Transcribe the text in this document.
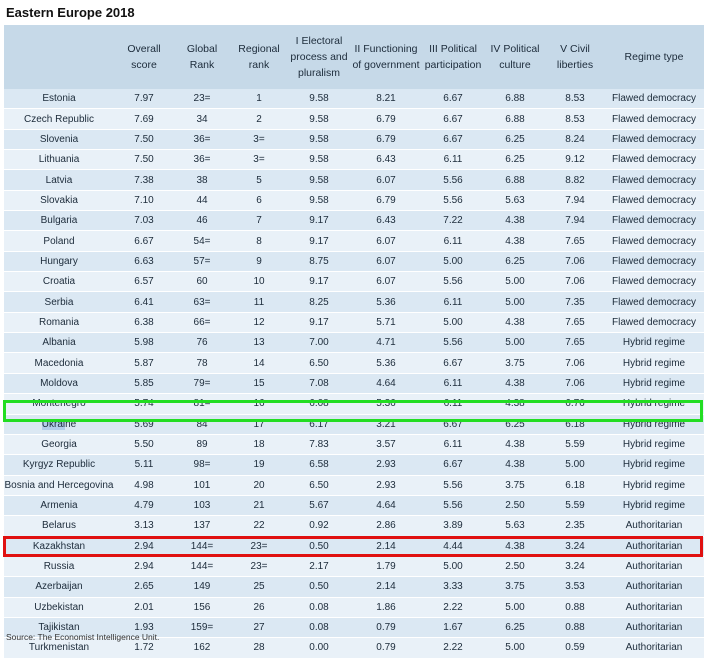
Eastern Europe 2018
	Overall score	Global Rank	Regional rank	I Electoral process and pluralism	II Functioning of government	III Political participation	IV Political culture	V Civil liberties	Regime type
Estonia	7.97	23=	1	9.58	8.21	6.67	6.88	8.53	Flawed democracy
Czech Republic	7.69	34	2	9.58	6.79	6.67	6.88	8.53	Flawed democracy
Slovenia	7.50	36=	3=	9.58	6.79	6.67	6.25	8.24	Flawed democracy
Lithuania	7.50	36=	3=	9.58	6.43	6.11	6.25	9.12	Flawed democracy
Latvia	7.38	38	5	9.58	6.07	5.56	6.88	8.82	Flawed democracy
Slovakia	7.10	44	6	9.58	6.79	5.56	5.63	7.94	Flawed democracy
Bulgaria	7.03	46	7	9.17	6.43	7.22	4.38	7.94	Flawed democracy
Poland	6.67	54=	8	9.17	6.07	6.11	4.38	7.65	Flawed democracy
Hungary	6.63	57=	9	8.75	6.07	5.00	6.25	7.06	Flawed democracy
Croatia	6.57	60	10	9.17	6.07	5.56	5.00	7.06	Flawed democracy
Serbia	6.41	63=	11	8.25	5.36	6.11	5.00	7.35	Flawed democracy
Romania	6.38	66=	12	9.17	5.71	5.00	4.38	7.65	Flawed democracy
Albania	5.98	76	13	7.00	4.71	5.56	5.00	7.65	Hybrid regime
Macedonia	5.87	78	14	6.50	5.36	6.67	3.75	7.06	Hybrid regime
Moldova	5.85	79=	15	7.08	4.64	6.11	4.38	7.06	Hybrid regime
Montenegro	5.74	81=	16	6.08	5.36	6.11	4.38	6.76	Hybrid regime
Ukraine	5.69	84	17	6.17	3.21	6.67	6.25	6.18	Hybrid regime
Georgia	5.50	89	18	7.83	3.57	6.11	4.38	5.59	Hybrid regime
Kyrgyz Republic	5.11	98=	19	6.58	2.93	6.67	4.38	5.00	Hybrid regime
Bosnia and Hercegovina	4.98	101	20	6.50	2.93	5.56	3.75	6.18	Hybrid regime
Armenia	4.79	103	21	5.67	4.64	5.56	2.50	5.59	Hybrid regime
Belarus	3.13	137	22	0.92	2.86	3.89	5.63	2.35	Authoritarian
Kazakhstan	2.94	144=	23=	0.50	2.14	4.44	4.38	3.24	Authoritarian
Russia	2.94	144=	23=	2.17	1.79	5.00	2.50	3.24	Authoritarian
Azerbaijan	2.65	149	25	0.50	2.14	3.33	3.75	3.53	Authoritarian
Uzbekistan	2.01	156	26	0.08	1.86	2.22	5.00	0.88	Authoritarian
Tajikistan	1.93	159=	27	0.08	0.79	1.67	6.25	0.88	Authoritarian
Turkmenistan	1.72	162	28	0.00	0.79	2.22	5.00	0.59	Authoritarian
Source: The Economist Intelligence Unit.
